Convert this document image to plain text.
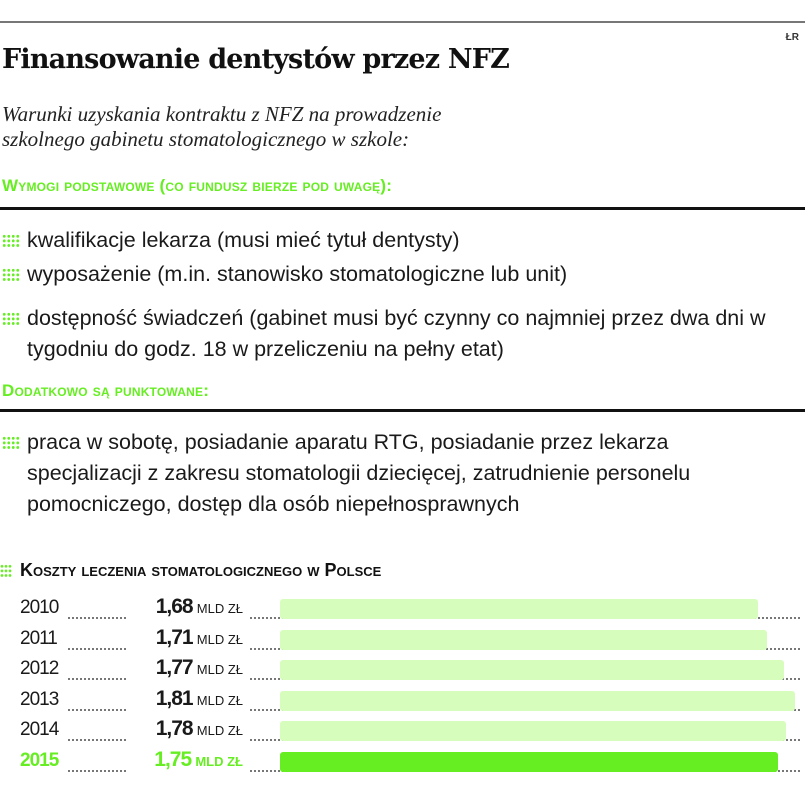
ŁR
Finansowanie dentystów przez NFZ
Warunki uzyskania kontraktu z NFZ na prowadzenie
szkolnego gabinetu stomatologicznego w szkole:
Wymogi podstawowe (co fundusz bierze pod uwagę):
kwalifikacje lekarza (musi mieć tytuł dentysty)
wyposażenie (m.in. stanowisko stomatologiczne lub unit)
dostępność świadczeń (gabinet musi być czynny co najmniej przez dwa dni w tygodniu do godz. 18 w przeliczeniu na pełny etat)
Dodatkowo są punktowane:
praca w sobotę, posiadanie aparatu RTG, posiadanie przez lekarza specjalizacji z zakresu stomatologii dziecięcej, zatrudnienie personelu pomocniczego, dostęp dla osób niepełnosprawnych
Koszty leczenia stomatologicznego w Polsce
2010	1,68 MLD ZŁ
2011	1,71 MLD ZŁ
2012	1,77 MLD ZŁ
2013	1,81 MLD ZŁ
2014	1,78 MLD ZŁ
2015	1,75 MLD ZŁ
